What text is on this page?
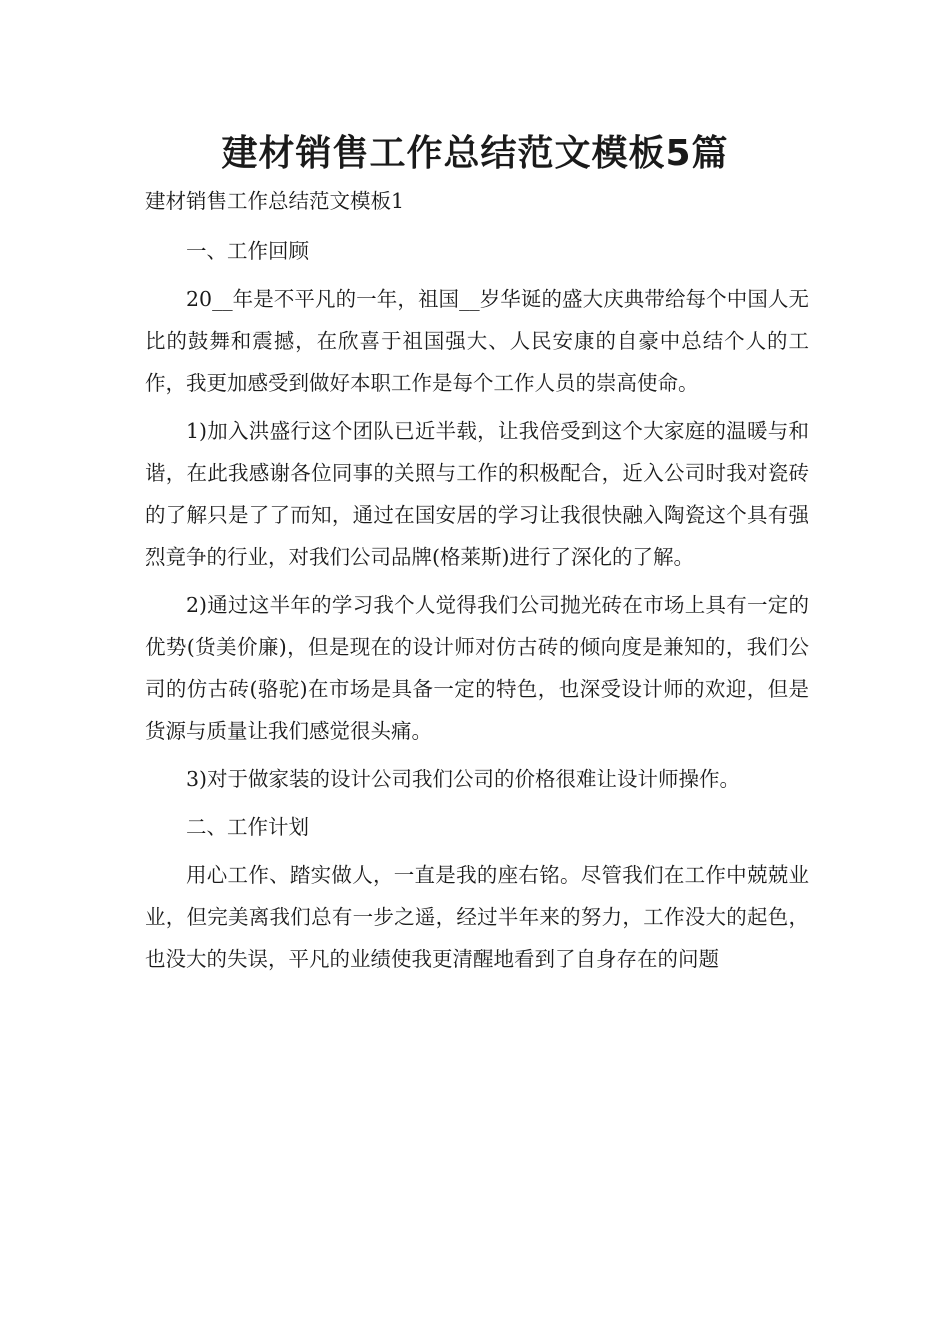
建材销售工作总结范文模板5篇

建材销售工作总结范文模板1

一、工作回顾

20__年是不平凡的一年，祖国__岁华诞的盛大庆典带给每个中国人无比的鼓舞和震撼，在欣喜于祖国强大、人民安康的自豪中总结个人的工作，我更加感受到做好本职工作是每个工作人员的崇高使命。

1)加入洪盛行这个团队已近半载，让我倍受到这个大家庭的温暖与和谐，在此我感谢各位同事的关照与工作的积极配合，近入公司时我对瓷砖的了解只是了了而知，通过在国安居的学习让我很快融入陶瓷这个具有强烈竟争的行业，对我们公司品牌(格莱斯)进行了深化的了解。

2)通过这半年的学习我个人觉得我们公司抛光砖在市场上具有一定的优势(货美价廉)，但是现在的设计师对仿古砖的倾向度是兼知的，我们公司的仿古砖(骆驼)在市场是具备一定的特色，也深受设计师的欢迎，但是货源与质量让我们感觉很头痛。

3)对于做家装的设计公司我们公司的价格很难让设计师操作。

二、工作计划

用心工作、踏实做人，一直是我的座右铭。尽管我们在工作中兢兢业业，但完美离我们总有一步之遥，经过半年来的努力，工作没大的起色，也没大的失误，平凡的业绩使我更清醒地看到了自身存在的问题
